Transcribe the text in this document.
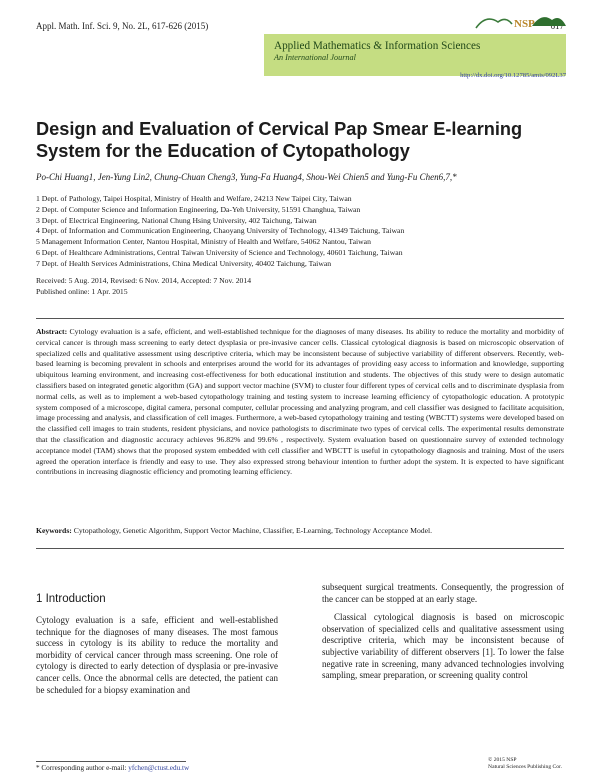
Appl. Math. Inf. Sci. 9, No. 2L, 617-626 (2015)	NSP
Applied Mathematics & Information Sciences
An International Journal
http://dx.doi.org/10.12785/amis/092L37
Design and Evaluation of Cervical Pap Smear E-learning System for the Education of Cytopathology
Po-Chi Huang1, Jen-Yung Lin2, Chung-Chuan Cheng3, Yung-Fa Huang4, Shou-Wei Chien5 and Yung-Fu Chen6,7,*
1 Dept. of Pathology, Taipei Hospital, Ministry of Health and Welfare, 24213 New Taipei City, Taiwan
2 Dept. of Computer Science and Information Engineering, Da-Yeh University, 51591 Changhua, Taiwan
3 Dept. of Electrical Engineering, National Chung Hsing University, 402 Taichung, Taiwan
4 Dept. of Information and Communication Engineering, Chaoyang University of Technology, 41349 Taichung, Taiwan
5 Management Information Center, Nantou Hospital, Ministry of Health and Welfare, 54062 Nantou, Taiwan
6 Dept. of Healthcare Administrations, Central Taiwan University of Science and Technology, 40601 Taichung, Taiwan
7 Dept. of Health Services Administrations, China Medical University, 40402 Taichung, Taiwan
Received: 5 Aug. 2014, Revised: 6 Nov. 2014, Accepted: 7 Nov. 2014
Published online: 1 Apr. 2015
Abstract: Cytology evaluation is a safe, efficient, and well-established technique for the diagnoses of many diseases. Its ability to reduce the mortality and morbidity of cervical cancer is through mass screening to early detect dysplasia or pre-invasive cancer cells. Classical cytological diagnosis is based on microscopic observation of specialized cells and qualitative assessment using descriptive criteria, which may be inconsistent because of subjective variability of different observers. Recently, web-based learning is becoming prevalent in schools and enterprises around the world for its advantages of providing easy access to information and knowledge, supporting ubiquitous learning environment, and increasing cost-effectiveness for both educational institution and students. The objectives of this study were to design automatic classifiers based on integrated genetic algorithm (GA) and support vector machine (SVM) to cluster four different types of cervical cells and to discriminate dysplasia from normal cells, as well as to implement a web-based cytopathology training and testing system to increase learning efficiency of cytopathologic education. A prototypic system composed of a microscope, digital camera, personal computer, cellular processing and analyzing program, and cell classifier was designed to facilitate acquisition, image processing and analysis, and classification of cell images. Furthermore, a web-based cytopathology training and testing (WBCTT) systems were developed based on the classified cell images to train students, resident physicians, and novice pathologists to discriminate two types of cervical cells. The experimental results demonstrate that the classification and diagnostic accuracy achieves 96.82% and 99.6% , respectively. System evaluation based on questionnaire survey of extended technology acceptance model (TAM) shows that the proposed system embedded with cell classifier and WBCTT is useful in cytopathology diagnosis and training. Most of the users agreed the operation interface is friendly and easy to use. They also expressed strong behaviour intention to further adopt the system. It is expected to have significant contributions in increasing diagnostic efficiency and promoting learning efficiency.
Keywords: Cytopathology, Genetic Algorithm, Support Vector Machine, Classifier, E-Learning, Technology Acceptance Model.
1 Introduction

Cytology evaluation is a safe, efficient and well-established technique for the diagnoses of many diseases. The most famous success in cytology is its ability to reduce the mortality and morbidity of cervical cancer through mass screening. One role of cytology is directed to early detection of dysplasia or pre-invasive cancer cells. Once the abnormal cells are detected, the patient can be scheduled for a biopsy examination and

subsequent surgical treatments. Consequently, the progression of the cancer can be stopped at an early stage.

Classical cytological diagnosis is based on microscopic observation of specialized cells and qualitative assessment using descriptive criteria, which may be inconsistent because of subjective variability of different observers [1]. To lower the false negative rate in screening, many advanced technologies involving sampling, smear preparation, or screening quality control

* Corresponding author e-mail: yfchen@ctust.edu.tw
© 2015 NSP
Natural Sciences Publishing Cor.
